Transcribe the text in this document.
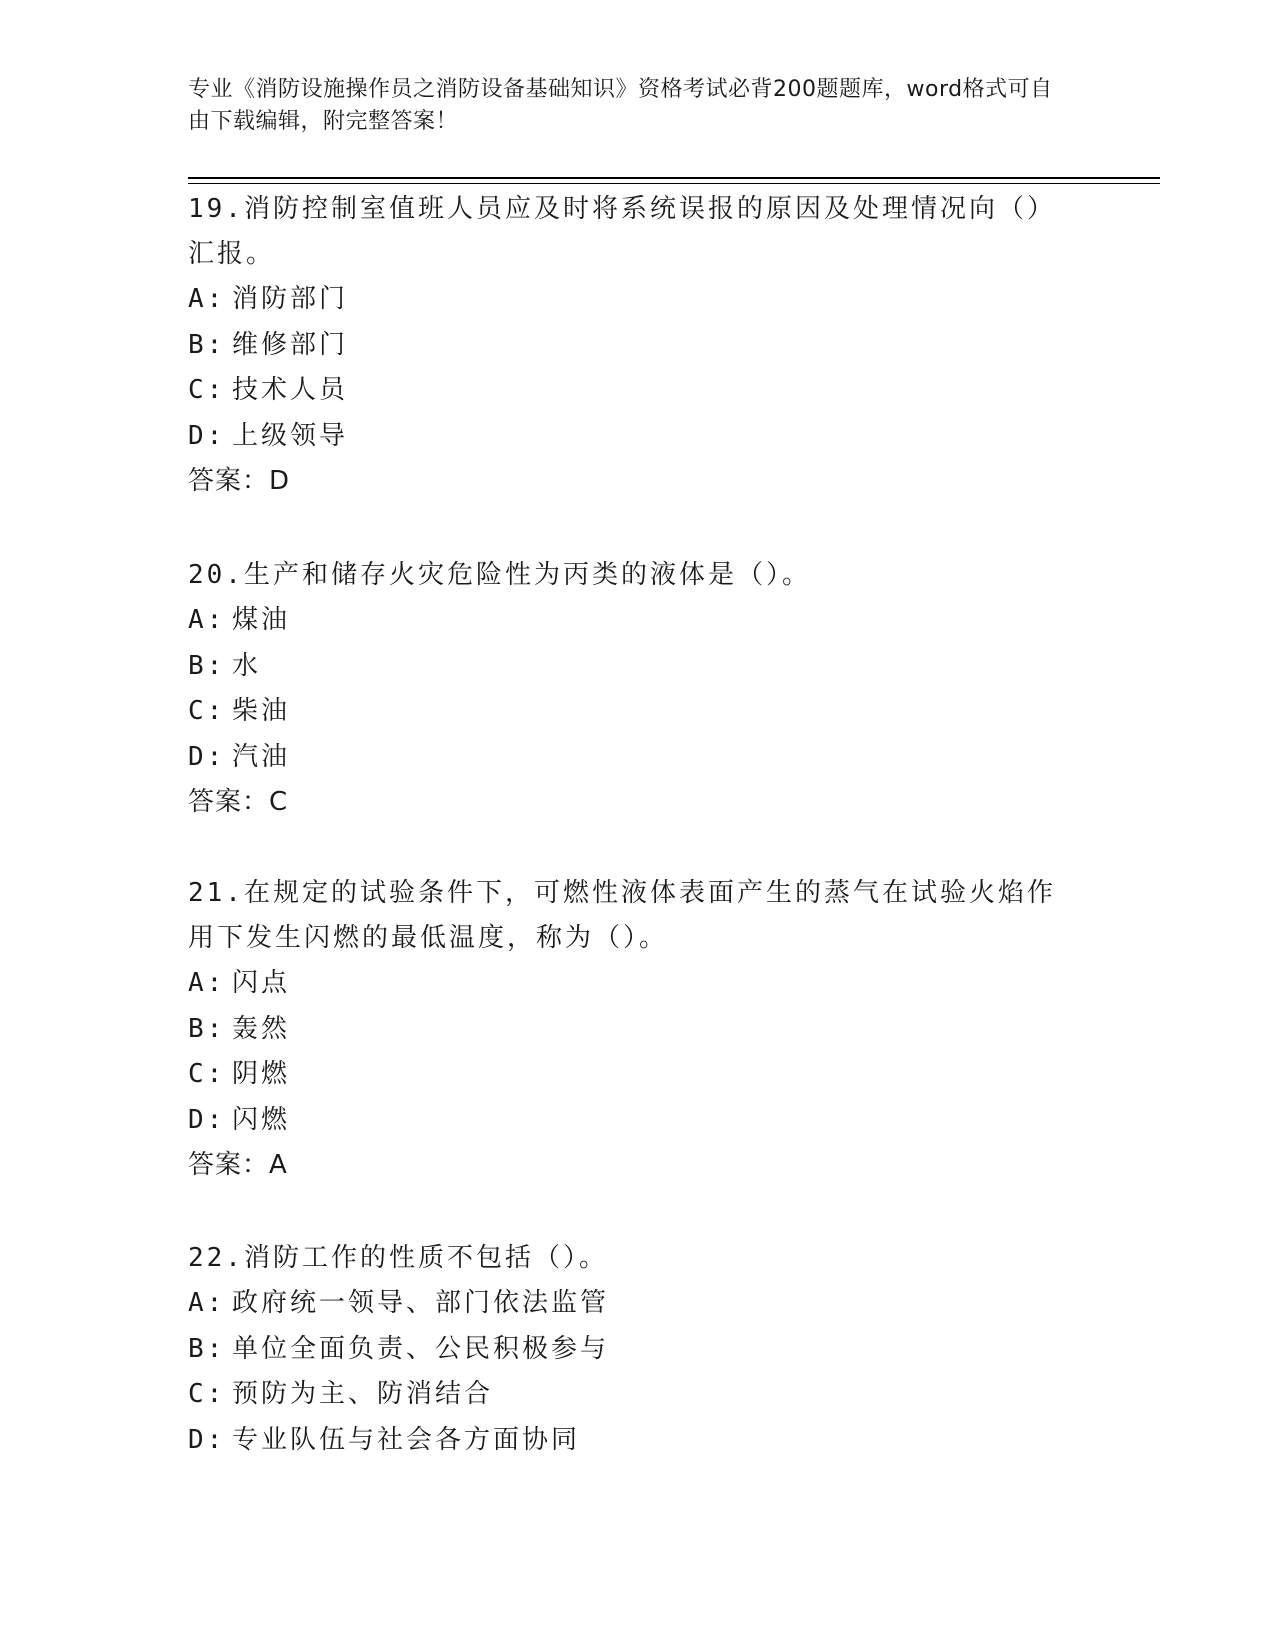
专业《消防设施操作员之消防设备基础知识》资格考试必背200题题库，word格式可自由下载编辑，附完整答案！

19.消防控制室值班人员应及时将系统误报的原因及处理情况向（）汇报。

A: 消防部门

B: 维修部门

C: 技术人员

D: 上级领导

答案：D

20.生产和储存火灾危险性为丙类的液体是（）。

A: 煤油

B: 水

C: 柴油

D: 汽油

答案：C

21.在规定的试验条件下，可燃性液体表面产生的蒸气在试验火焰作用下发生闪燃的最低温度，称为（）。

A: 闪点

B: 轰然

C: 阴燃

D: 闪燃

答案：A

22.消防工作的性质不包括（）。

A: 政府统一领导、部门依法监管

B: 单位全面负责、公民积极参与

C: 预防为主、防消结合

D: 专业队伍与社会各方面协同
